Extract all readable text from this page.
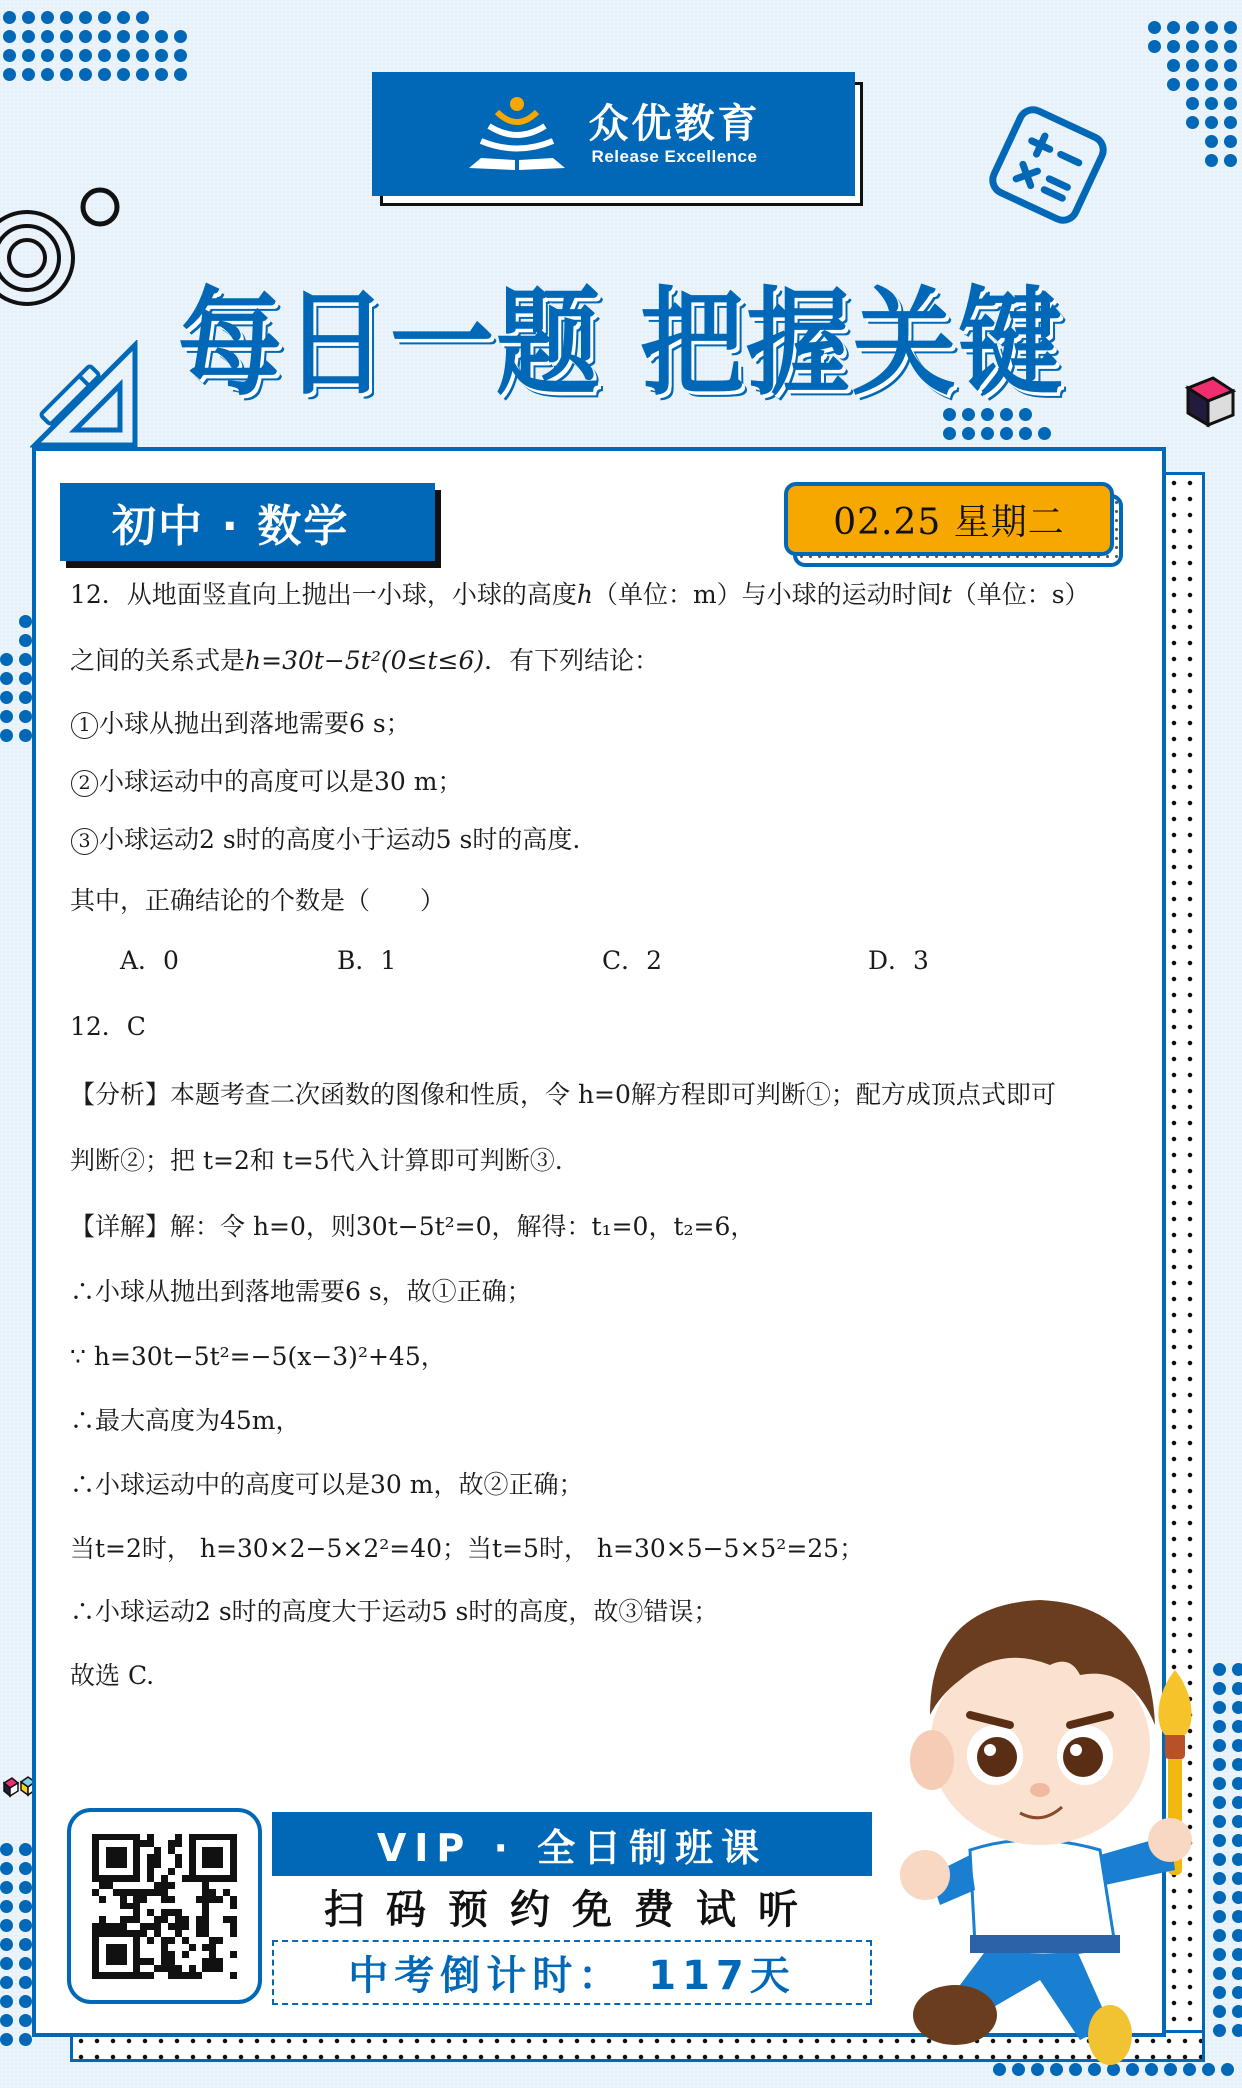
众优教育
Release Excellence
每日一题 把握关键
初中 · 数学	02.25 星期二
12．从地面竖直向上抛出一小球，小球的高度h（单位：m）与小球的运动时间t（单位：s）
之间的关系式是h=30t−5t²(0≤t≤6)．有下列结论：
1 小球从抛出到落地需要6 s；
2 小球运动中的高度可以是30 m；
3 小球运动2 s时的高度小于运动5 s时的高度.
其中，正确结论的个数是（　　）
A．0	B．1	C．2	D．3
12．C
【分析】本题考查二次函数的图像和性质，令 h=0解方程即可判断①；配方成顶点式即可
判断②；把 t=2和 t=5代入计算即可判断③.
【详解】解：令 h=0，则30t−5t²=0，解得：t₁=0，t₂=6，
∴小球从抛出到落地需要6 s，故①正确；
∵ h=30t−5t²=−5(x−3)²+45，
∴最大高度为45m，
∴小球运动中的高度可以是30 m，故②正确；
当t=2时， h=30×2−5×2²=40；当t=5时， h=30×5−5×5²=25；
∴小球运动2 s时的高度大于运动5 s时的高度，故③错误；
故选 C.
VIP · 全日制班课
扫码预约免费试听
中考倒计时： 117天
